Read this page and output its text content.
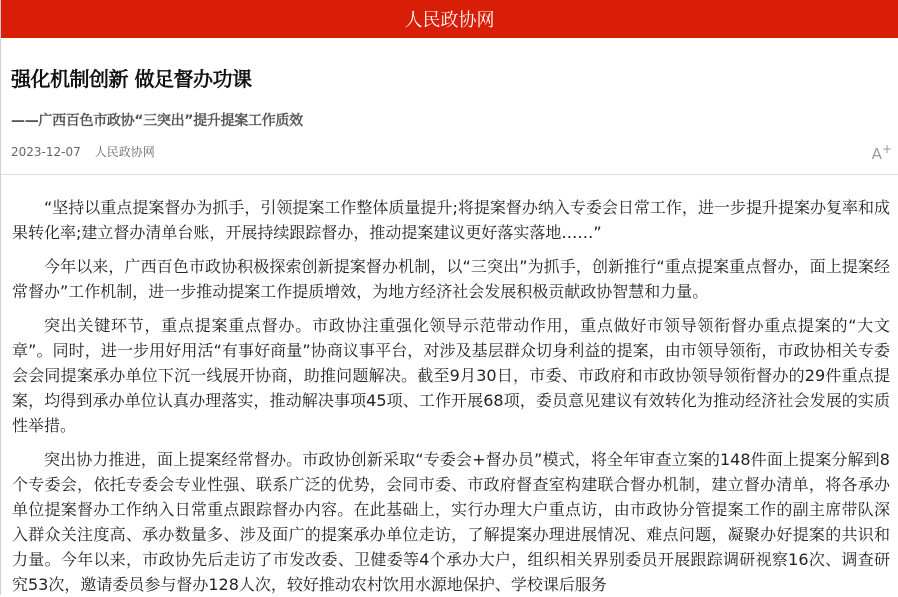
人民政协网
强化机制创新 做足督办功课
——广西百色市政协“三突出”提升提案工作质效
2023-12-07 人民政协网	A+

“坚持以重点提案督办为抓手，引领提案工作整体质量提升;将提案督办纳入专委会日常工作，进一步提升提案办复率和成果转化率;建立督办清单台账，开展持续跟踪督办，推动提案建议更好落实落地……”

今年以来，广西百色市政协积极探索创新提案督办机制，以“三突出”为抓手，创新推行“重点提案重点督办，面上提案经常督办”工作机制，进一步推动提案工作提质增效，为地方经济社会发展积极贡献政协智慧和力量。

突出关键环节，重点提案重点督办。市政协注重强化领导示范带动作用，重点做好市领导领衔督办重点提案的“大文章”。同时，进一步用好用活“有事好商量”协商议事平台，对涉及基层群众切身利益的提案，由市领导领衔，市政协相关专委会会同提案承办单位下沉一线展开协商，助推问题解决。截至9月30日，市委、市政府和市政协领导领衔督办的29件重点提案，均得到承办单位认真办理落实，推动解决事项45项、工作开展68项，委员意见建议有效转化为推动经济社会发展的实质性举措。

突出协力推进，面上提案经常督办。市政协创新采取“专委会+督办员”模式，将全年审查立案的148件面上提案分解到8个专委会，依托专委会专业性强、联系广泛的优势，会同市委、市政府督查室构建联合督办机制，建立督办清单，将各承办单位提案督办工作纳入日常重点跟踪督办内容。在此基础上，实行办理大户重点访，由市政协分管提案工作的副主席带队深入群众关注度高、承办数量多、涉及面广的提案承办单位走访，了解提案办理进展情况、难点问题，凝聚办好提案的共识和力量。今年以来，市政协先后走访了市发改委、卫健委等4个承办大户，组织相关界别委员开展跟踪调研视察16次、调查研究53次，邀请委员参与督办128人次，较好推动农村饮用水源地保护、学校课后服务
